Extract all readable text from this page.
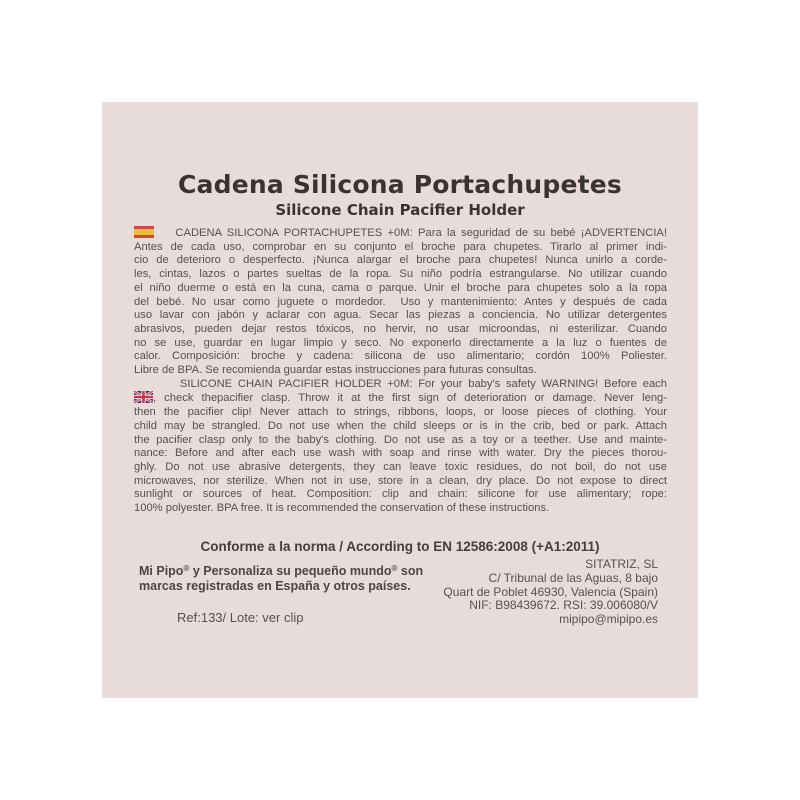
Cadena Silicona Portachupetes
Silicone Chain Pacifier Holder
CADENA SILICONA PORTACHUPETES +0M: Para la seguridad de su bebé ¡ADVERTENCIA!
Antes de cada uso, comprobar en su conjunto el broche para chupetes. Tirarlo al primer indi-
cio de deterioro o desperfecto. ¡Nunca alargar el broche para chupetes! Nunca unirlo a corde-
les, cintas, lazos o partes sueltas de la ropa. Su niño podría estrangularse. No utilizar cuando
el niño duerme o está en la cuna, cama o parque. Unir el broche para chupetes solo a la ropa
del bebé. No usar como juguete o mordedor.  Uso y mantenimiento: Antes y después de cada
uso lavar con jabón y aclarar con agua. Secar las piezas a conciencia. No utilizar detergentes
abrasivos, pueden dejar restos tóxicos, no hervir, no usar microondas, ni esterilizar. Cuando
no se use, guardar en lugar limpio y seco. No exponerlo directamente a la luz o fuentes de
calor. Composición: broche y cadena: silicona de uso alimentario; cordón 100% Poliester.
Libre de BPA. Se recomienda guardar estas instrucciones para futuras consultas.
SILICONE CHAIN PACIFIER HOLDER +0M: For your baby's safety WARNING! Before each
, check thepacifier clasp. Throw it at the first sign of deterioration or damage. Never leng-
then the pacifier clip! Never attach to strings, ribbons, loops, or loose pieces of clothing. Your
child may be strangled. Do not use when the child sleeps or is in the crib, bed or park. Attach
the pacifier clasp only to the baby's clothing. Do not use as a toy or a teether. Use and mainte-
nance: Before and after each use wash with soap and rinse with water. Dry the pieces thorou-
ghly. Do not use abrasive detergents, they can leave toxic residues, do not boil, do not use
microwaves, nor sterilize. When not in use, store in a clean, dry place. Do not expose to direct
sunlight or sources of heat. Composition: clip and chain: silicone for use alimentary; rope:
100% polyester. BPA free. It is recommended the conservation of these instructions.
Conforme a la norma / According to EN 12586:2008 (+A1:2011)
Mi Pipo® y Personaliza su pequeño mundo® son
marcas registradas en España y otros países.
SITATRIZ, SL
C/ Tribunal de las Aguas, 8 bajo
Quart de Poblet 46930, Valencia (Spain)
NIF: B98439672. RSI: 39.006080/V
mipipo@mipipo.es
Ref:133/ Lote: ver clip
